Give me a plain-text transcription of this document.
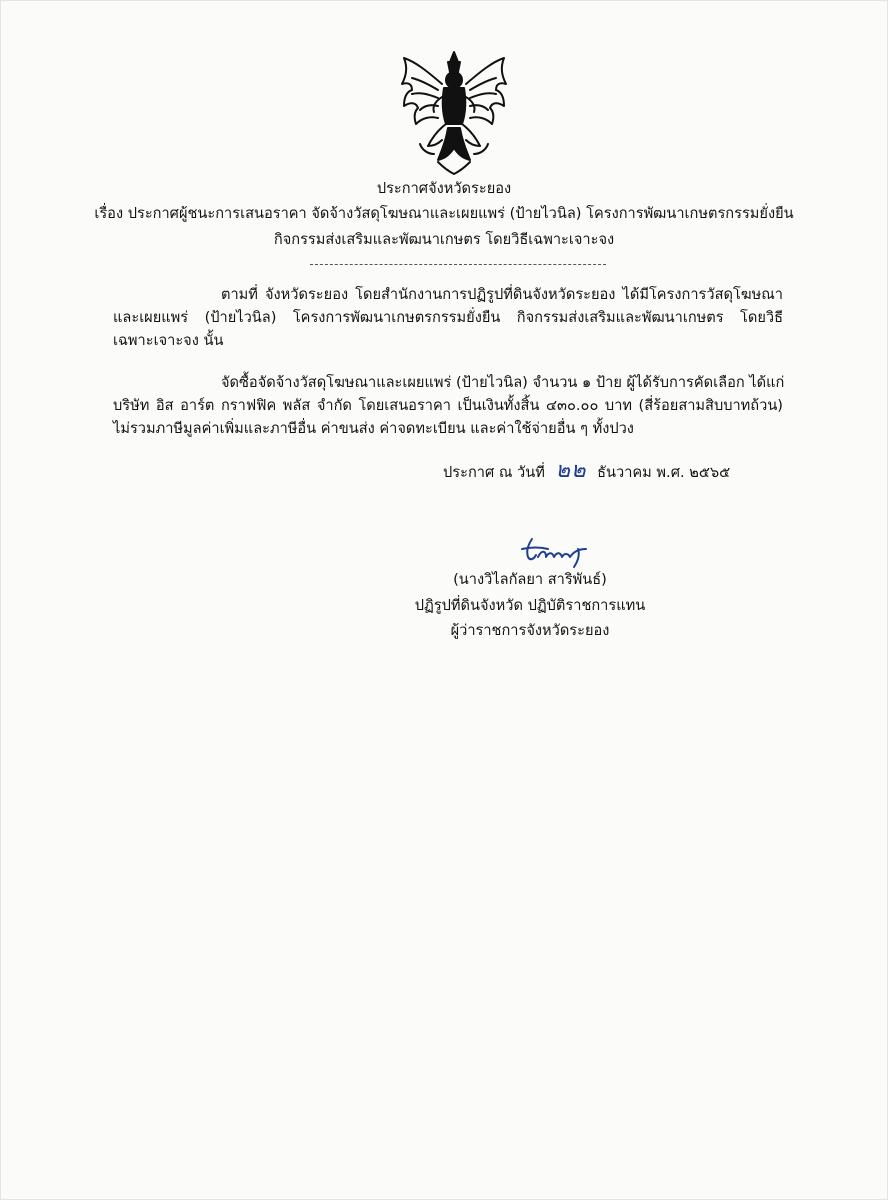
ประกาศจังหวัดระยอง
เรื่อง ประกาศผู้ชนะการเสนอราคา จัดจ้างวัสดุโฆษณาและเผยแพร่ (ป้ายไวนิล) โครงการพัฒนาเกษตรกรรมยั่งยืน
กิจกรรมส่งเสริมและพัฒนาเกษตร โดยวิธีเฉพาะเจาะจง
ตามที่ จังหวัดระยอง โดยสำนักงานการปฏิรูปที่ดินจังหวัดระยอง ได้มีโครงการวัสดุโฆษณา
และเผยแพร่ (ป้ายไวนิล) โครงการพัฒนาเกษตรกรรมยั่งยืน กิจกรรมส่งเสริมและพัฒนาเกษตร โดยวิธี
เฉพาะเจาะจง นั้น
จัดซื้อจัดจ้างวัสดุโฆษณาและเผยแพร่ (ป้ายไวนิล) จำนวน ๑ ป้าย ผู้ได้รับการคัดเลือก ได้แก่
บริษัท อิส อาร์ต กราฟฟิค พลัส จำกัด โดยเสนอราคา เป็นเงินทั้งสิ้น ๔๓๐.๐๐ บาท (สี่ร้อยสามสิบบาทถ้วน)
ไม่รวมภาษีมูลค่าเพิ่มและภาษีอื่น ค่าขนส่ง ค่าจดทะเบียน และค่าใช้จ่ายอื่น ๆ ทั้งปวง
ประกาศ ณ วันที่ ๒๒ ธันวาคม พ.ศ. ๒๕๖๕
(นางวิไลกัลยา สาริพันธ์)
ปฏิรูปที่ดินจังหวัด ปฏิบัติราชการแทน
ผู้ว่าราชการจังหวัดระยอง
